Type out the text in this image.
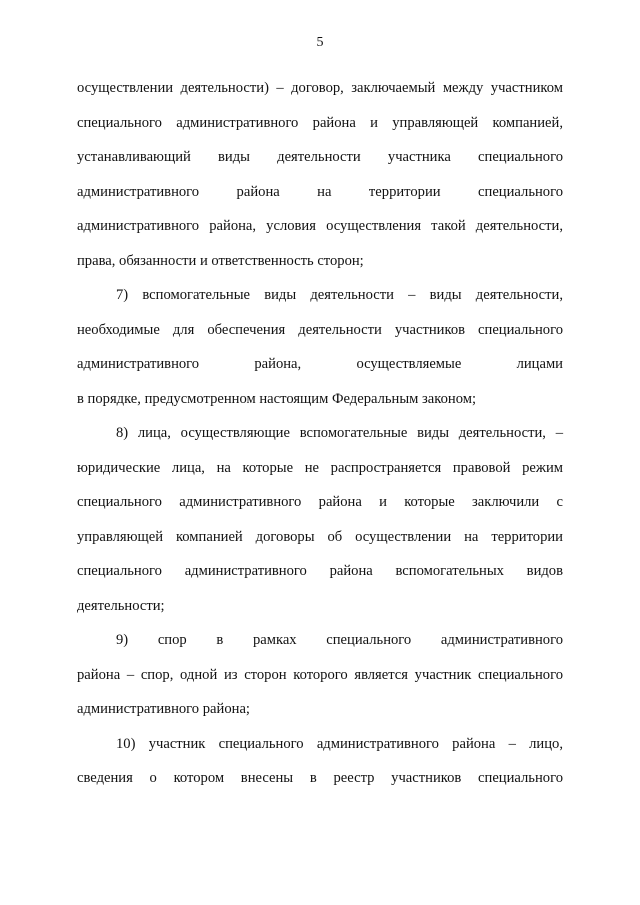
5
осуществлении деятельности) – договор, заключаемый между участником
специального административного района и управляющей компанией,
устанавливающий виды деятельности участника специального
административного района на территории специального
административного района, условия осуществления такой деятельности,
права, обязанности и ответственность сторон;
7) вспомогательные виды деятельности – виды деятельности,
необходимые для обеспечения деятельности участников специального
административного района, осуществляемые лицами
в порядке, предусмотренном настоящим Федеральным законом;
8) лица, осуществляющие вспомогательные виды деятельности, –
юридические лица, на которые не распространяется правовой режим
специального административного района и которые заключили с
управляющей компанией договоры об осуществлении на территории
специального административного района вспомогательных видов
деятельности;
9) спор в рамках специального административного
района – спор, одной из сторон которого является участник специального
административного района;
10) участник специального административного района – лицо,
сведения о котором внесены в реестр участников специального
